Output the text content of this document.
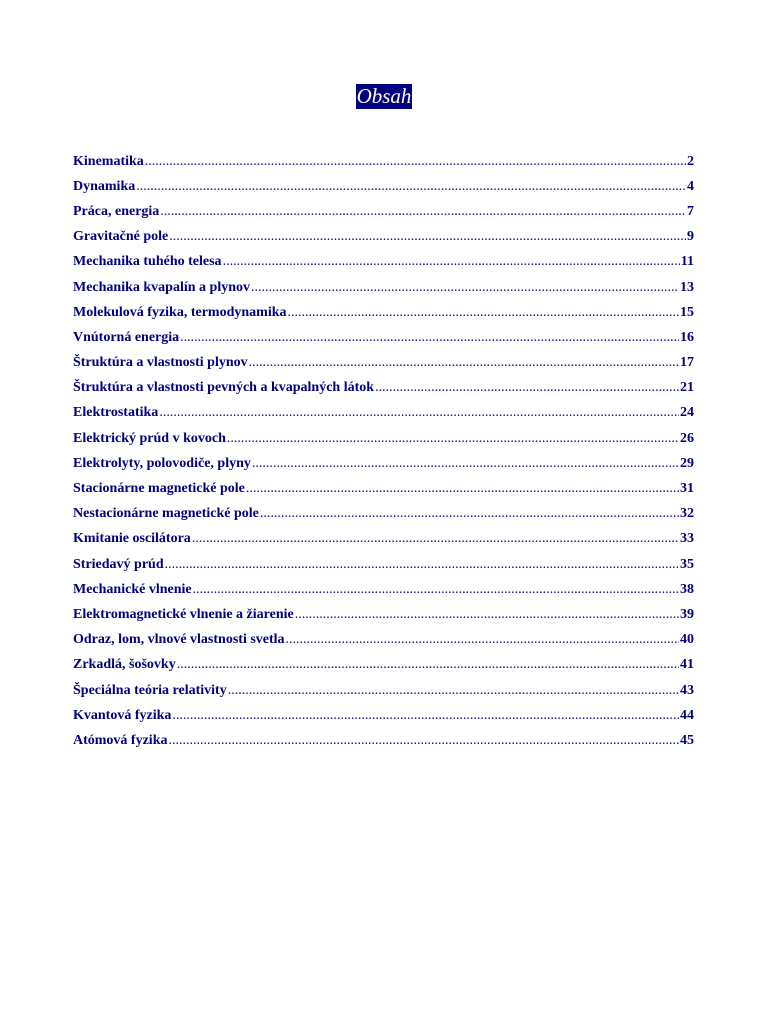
Obsah
Kinematika .....	2
Dynamika .....	4
Práca, energia .....	7
Gravitačné pole .....	9
Mechanika tuhého telesa .....	11
Mechanika kvapalín a plynov .....	13
Molekulová fyzika, termodynamika .....	15
Vnútorná energia .....	16
Štruktúra a vlastnosti plynov .....	17
Štruktúra a vlastnosti pevných a kvapalných látok .....	21
Elektrostatika .....	24
Elektrický prúd v kovoch .....	26
Elektrolyty, polovodiče, plyny .....	29
Stacionárne magnetické pole .....	31
Nestacionárne magnetické pole .....	32
Kmitanie oscilátora .....	33
Striedavý prúd .....	35
Mechanické vlnenie .....	38
Elektromagnetické vlnenie a žiarenie .....	39
Odraz, lom, vlnové vlastnosti svetla .....	40
Zrkadlá, šošovky .....	41
Špeciálna teória relativity .....	43
Kvantová fyzika .....	44
Atómová fyzika .....	45
